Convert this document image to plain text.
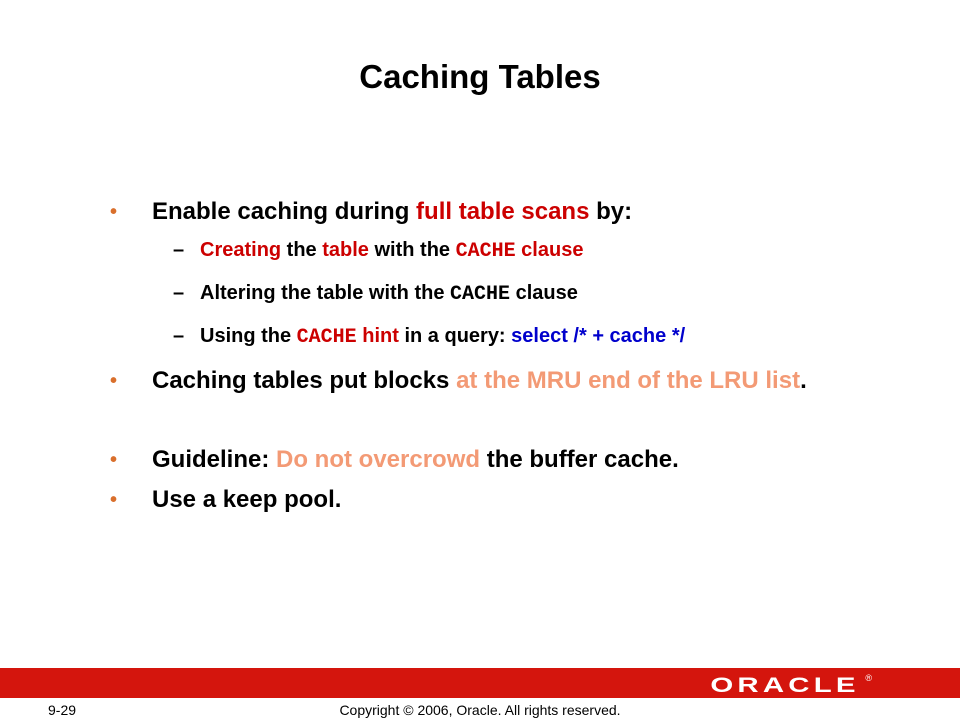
Caching Tables
• Enable caching during full table scans by:
– Creating the table with the CACHE clause
– Altering the table with the CACHE clause
– Using the CACHE hint in a query: select /* + cache */
• Caching tables put blocks at the MRU end of the LRU list.
• Guideline: Do not overcrowd the buffer cache.
• Use a keep pool.
ORACLE ®
9-29	Copyright © 2006, Oracle. All rights reserved.
